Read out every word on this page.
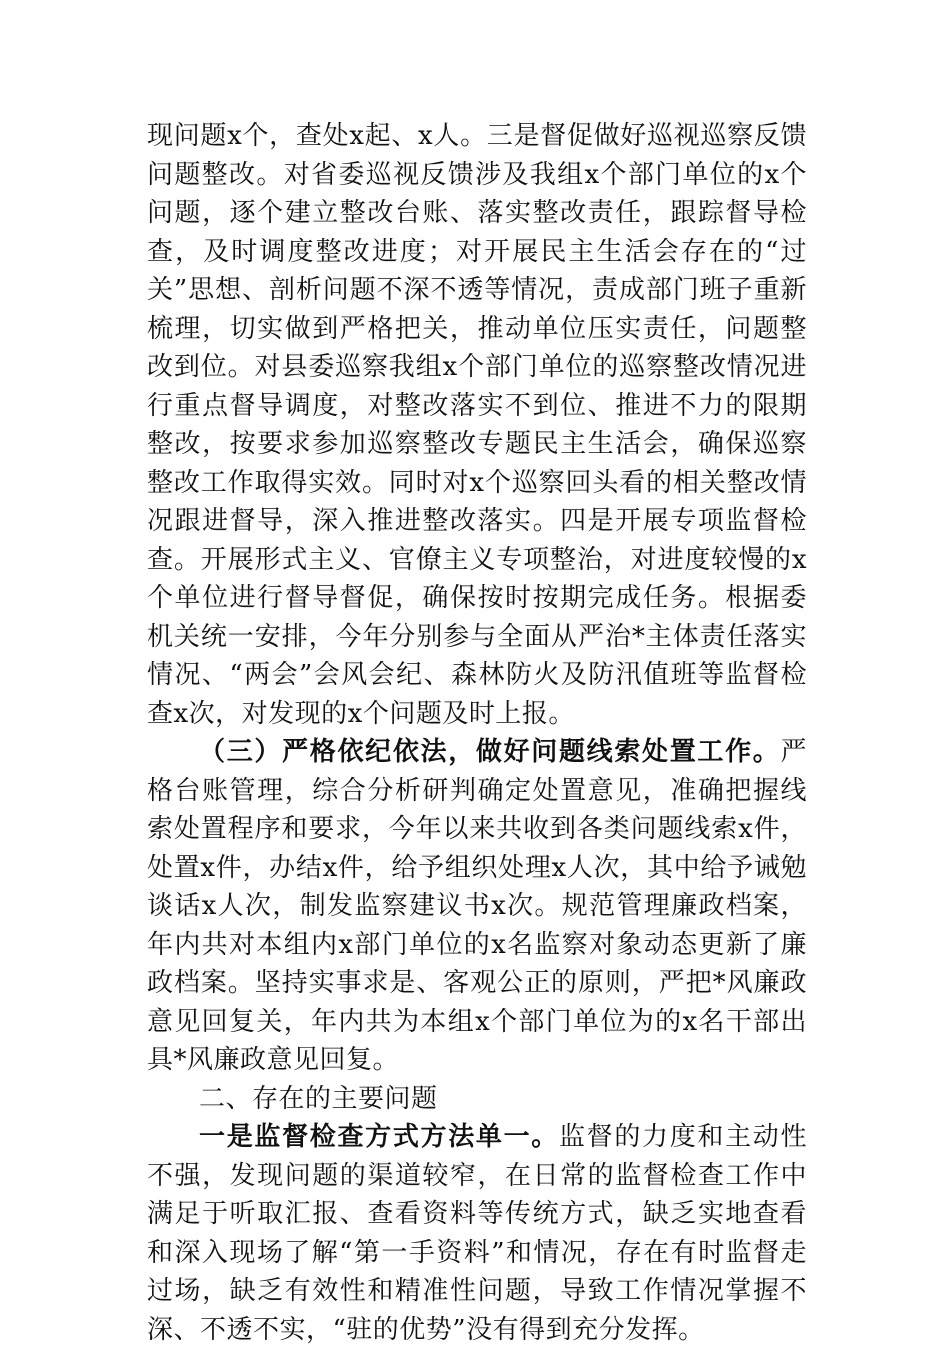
现问题x个，查处x起、x人。三是督促做好巡视巡察反馈问题整改。对省委巡视反馈涉及我组x个部门单位的x个问题，逐个建立整改台账、落实整改责任，跟踪督导检查，及时调度整改进度；对开展民主生活会存在的“过关”思想、剖析问题不深不透等情况，责成部门班子重新梳理，切实做到严格把关，推动单位压实责任，问题整改到位。对县委巡察我组x个部门单位的巡察整改情况进行重点督导调度，对整改落实不到位、推进不力的限期整改，按要求参加巡察整改专题民主生活会，确保巡察整改工作取得实效。同时对x个巡察回头看的相关整改情况跟进督导，深入推进整改落实。四是开展专项监督检查。开展形式主义、官僚主义专项整治，对进度较慢的x个单位进行督导督促，确保按时按期完成任务。根据委机关统一安排，今年分别参与全面从严治*主体责任落实情况、“两会”会风会纪、森林防火及防汛值班等监督检查x次，对发现的x个问题及时上报。

（三）严格依纪依法，做好问题线索处置工作。严格台账管理，综合分析研判确定处置意见，准确把握线索处置程序和要求，今年以来共收到各类问题线索x件，处置x件，办结x件，给予组织处理x人次，其中给予诫勉谈话x人次，制发监察建议书x次。规范管理廉政档案，年内共对本组内x部门单位的x名监察对象动态更新了廉政档案。坚持实事求是、客观公正的原则，严把*风廉政意见回复关，年内共为本组x个部门单位为的x名干部出具*风廉政意见回复。

二、存在的主要问题

一是监督检查方式方法单一。监督的力度和主动性不强，发现问题的渠道较窄，在日常的监督检查工作中满足于听取汇报、查看资料等传统方式，缺乏实地查看和深入现场了解“第一手资料”和情况，存在有时监督走过场，缺乏有效性和精准性问题，导致工作情况掌握不深、不透不实，“驻的优势”没有得到充分发挥。
